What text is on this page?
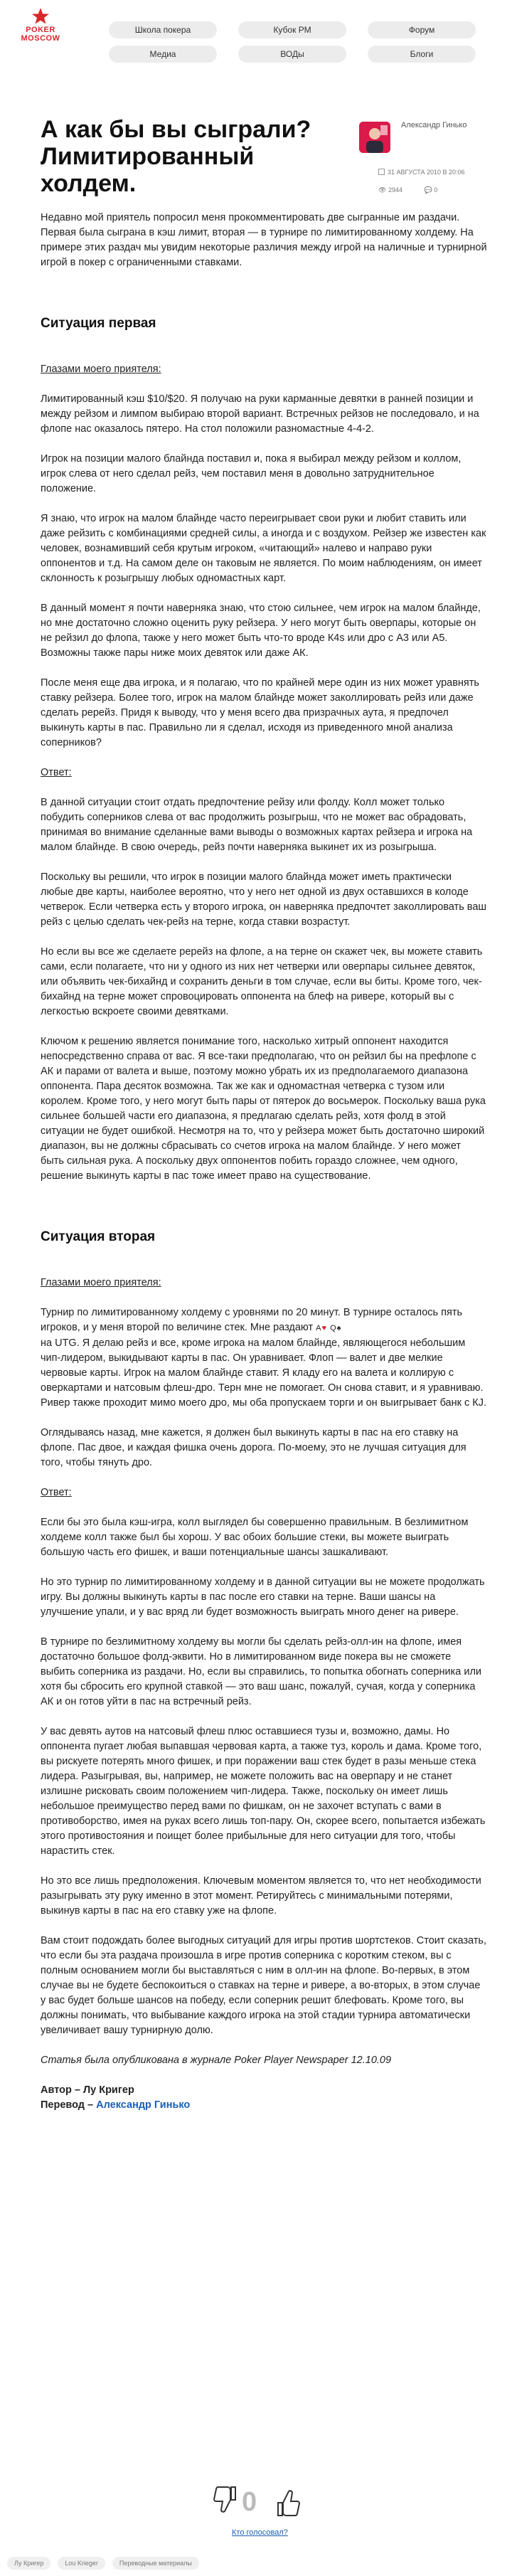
POKER
MOSCOW
Школа покера	Кубок РМ	Форум
Медиа	ВОДы	Блоги
А как бы вы сыграли? Лимитированный холдем.
Александр Гинько
31 АВГУСТА 2010 В 20:06
👁 2944	💬 0

Недавно мой приятель попросил меня прокомментировать две сыгранные им раздачи. Первая была сыграна в кэш лимит, вторая — в турнире по лимитированному холдему. На примере этих раздач мы увидим некоторые различия между игрой на наличные и турнирной игрой в покер с ограниченными ставками.

Ситуация первая

Глазами моего приятеля:

Лимитированный кэш $10/$20. Я получаю на руки карманные девятки в ранней позиции и между рейзом и лимпом выбираю второй вариант. Встречных рейзов не последовало, и на флопе нас оказалось пятеро. На стол положили разномастные 4-4-2.

Игрок на позиции малого блайнда поставил и, пока я выбирал между рейзом и коллом, игрок слева от него сделал рейз, чем поставил меня в довольно затруднительное положение.

Я знаю, что игрок на малом блайнде часто переигрывает свои руки и любит ставить или даже рейзить с комбинациями средней силы, а иногда и с воздухом. Рейзер же известен как человек, вознамивший себя крутым игроком, «читающий» налево и направо руки оппонентов и т.д. На самом деле он таковым не является. По моим наблюдениям, он имеет склонность к розыгрышу любых одномастных карт.

В данный момент я почти наверняка знаю, что стою сильнее, чем игрок на малом блайнде, но мне достаточно сложно оценить руку рейзера. У него могут быть оверпары, которые он не рейзил до флопа, также у него может быть что-то вроде К4s или дро с А3 или А5. Возможны также пары ниже моих девяток или даже АК.

После меня еще два игрока, и я полагаю, что по крайней мере один из них может уравнять ставку рейзера. Более того, игрок на малом блайнде может заколлировать рейз или даже сделать ререйз. Придя к выводу, что у меня всего два призрачных аута, я предпочел выкинуть карты в пас. Правильно ли я сделал, исходя из приведенного мной анализа соперников?

Ответ:

В данной ситуации стоит отдать предпочтение рейзу или фолду. Колл может только побудить соперников слева от вас продолжить розыгрыш, что не может вас обрадовать, принимая во внимание сделанные вами выводы о возможных картах рейзера и игрока на малом блайнде. В свою очередь, рейз почти наверняка выкинет их из розыгрыша.

Поскольку вы решили, что игрок в позиции малого блайнда может иметь практически любые две карты, наиболее вероятно, что у него нет одной из двух оставшихся в колоде четверок. Если четверка есть у второго игрока, он наверняка предпочтет заколлировать ваш рейз с целью сделать чек-рейз на терне, когда ставки возрастут.

Но если вы все же сделаете ререйз на флопе, а на терне он скажет чек, вы можете ставить сами, если полагаете, что ни у одного из них нет четверки или оверпары сильнее девяток, или объявить чек-бихайнд и сохранить деньги в том случае, если вы биты. Кроме того, чек-бихайнд на терне может спровоцировать оппонента на блеф на ривере, который вы с легкостью вскроете своими девятками.

Ключом к решению является понимание того, насколько хитрый оппонент находится непосредственно справа от вас. Я все-таки предполагаю, что он рейзил бы на префлопе с АК и парами от валета и выше, поэтому можно убрать их из предполагаемого диапазона оппонента. Пара десяток возможна. Так же как и одномастная четверка с тузом или королем. Кроме того, у него могут быть пары от пятерок до восьмерок. Поскольку ваша рука сильнее большей части его диапазона, я предлагаю сделать рейз, хотя фолд в этой ситуации не будет ошибкой. Несмотря на то, что у рейзера может быть достаточно широкий диапазон, вы не должны сбрасывать со счетов игрока на малом блайнде. У него может быть сильная рука. А поскольку двух оппонентов побить гораздо сложнее, чем одного, решение выкинуть карты в пас тоже имеет право на существование.

Ситуация вторая

Глазами моего приятеля:

Турнир по лимитированному холдему с уровнями по 20 минут. В турнире осталось пять игроков, и у меня второй по величине стек. Мне раздают A♥ Q♠
на UTG. Я делаю рейз и все, кроме игрока на малом блайнде, являющегося небольшим чип-лидером, выкидывают карты в пас. Он уравнивает. Флоп — валет и две мелкие червовые карты. Игрок на малом блайнде ставит. Я кладу его на валета и коллирую с оверкартами и натсовым флеш-дро. Терн мне не помогает. Он снова ставит, и я уравниваю. Ривер также проходит мимо моего дро, мы оба пропускаем торги и он выигрывает банк с КJ.

Оглядываясь назад, мне кажется, я должен был выкинуть карты в пас на его ставку на флопе. Пас двое, и каждая фишка очень дорога. По-моему, это не лучшая ситуация для того, чтобы тянуть дро.

Ответ:

Если бы это была кэш-игра, колл выглядел бы совершенно правильным. В безлимитном холдеме колл также был бы хорош. У вас обоих большие стеки, вы можете выиграть большую часть его фишек, и ваши потенциальные шансы зашкаливают.

Но это турнир по лимитированному холдему и в данной ситуации вы не можете продолжать игру. Вы должны выкинуть карты в пас после его ставки на терне. Ваши шансы на улучшение упали, и у вас вряд ли будет возможность выиграть много денег на ривере.

В турнире по безлимитному холдему вы могли бы сделать рейз-олл-ин на флопе, имея достаточно большое фолд-эквити. Но в лимитированном виде покера вы не сможете выбить соперника из раздачи. Но, если вы справились, то попытка обогнать соперника или хотя бы сбросить его крупной ставкой — это ваш шанс, пожалуй, сучая, когда у соперника АК и он готов уйти в пас на встречный рейз.

У вас девять аутов на натсовый флеш плюс оставшиеся тузы и, возможно, дамы. Но оппонента пугает любая выпавшая червовая карта, а также туз, король и дама. Кроме того, вы рискуете потерять много фишек, и при поражении ваш стек будет в разы меньше стека лидера. Разыгрывая, вы, например, не можете положить вас на оверпару и не станет излишне рисковать своим положением чип-лидера. Также, поскольку он имеет лишь небольшое преимущество перед вами по фишкам, он не захочет вступать с вами в противоборство, имея на руках всего лишь топ-пару. Он, скорее всего, попытается избежать этого противостояния и поищет более прибыльные для него ситуации для того, чтобы нарастить стек.

Но это все лишь предположения. Ключевым моментом является то, что нет необходимости разыгрывать эту руку именно в этот момент. Ретируйтесь с минимальными потерями, выкинув карты в пас на его ставку уже на флопе.

Вам стоит подождать более выгодных ситуаций для игры против шортстеков. Стоит сказать, что если бы эта раздача произошла в игре против соперника с коротким стеком, вы с полным основанием могли бы выставляться с ним в олл-ин на флопе. Во-первых, в этом случае вы не будете беспокоиться о ставках на терне и ривере, а во-вторых, в этом случае у вас будет больше шансов на победу, если соперник решит блефовать. Кроме того, вы должны понимать, что выбывание каждого игрока на этой стадии турнира автоматически увеличивает вашу турнирную долю.

Статья была опубликована в журнале Poker Player Newspaper 12.10.09

Автор – Лу Кригер
Перевод – Александр Гинько

0
Кто голосовал?
Лу Кригер	Lou Krieger	Переводные материалы
